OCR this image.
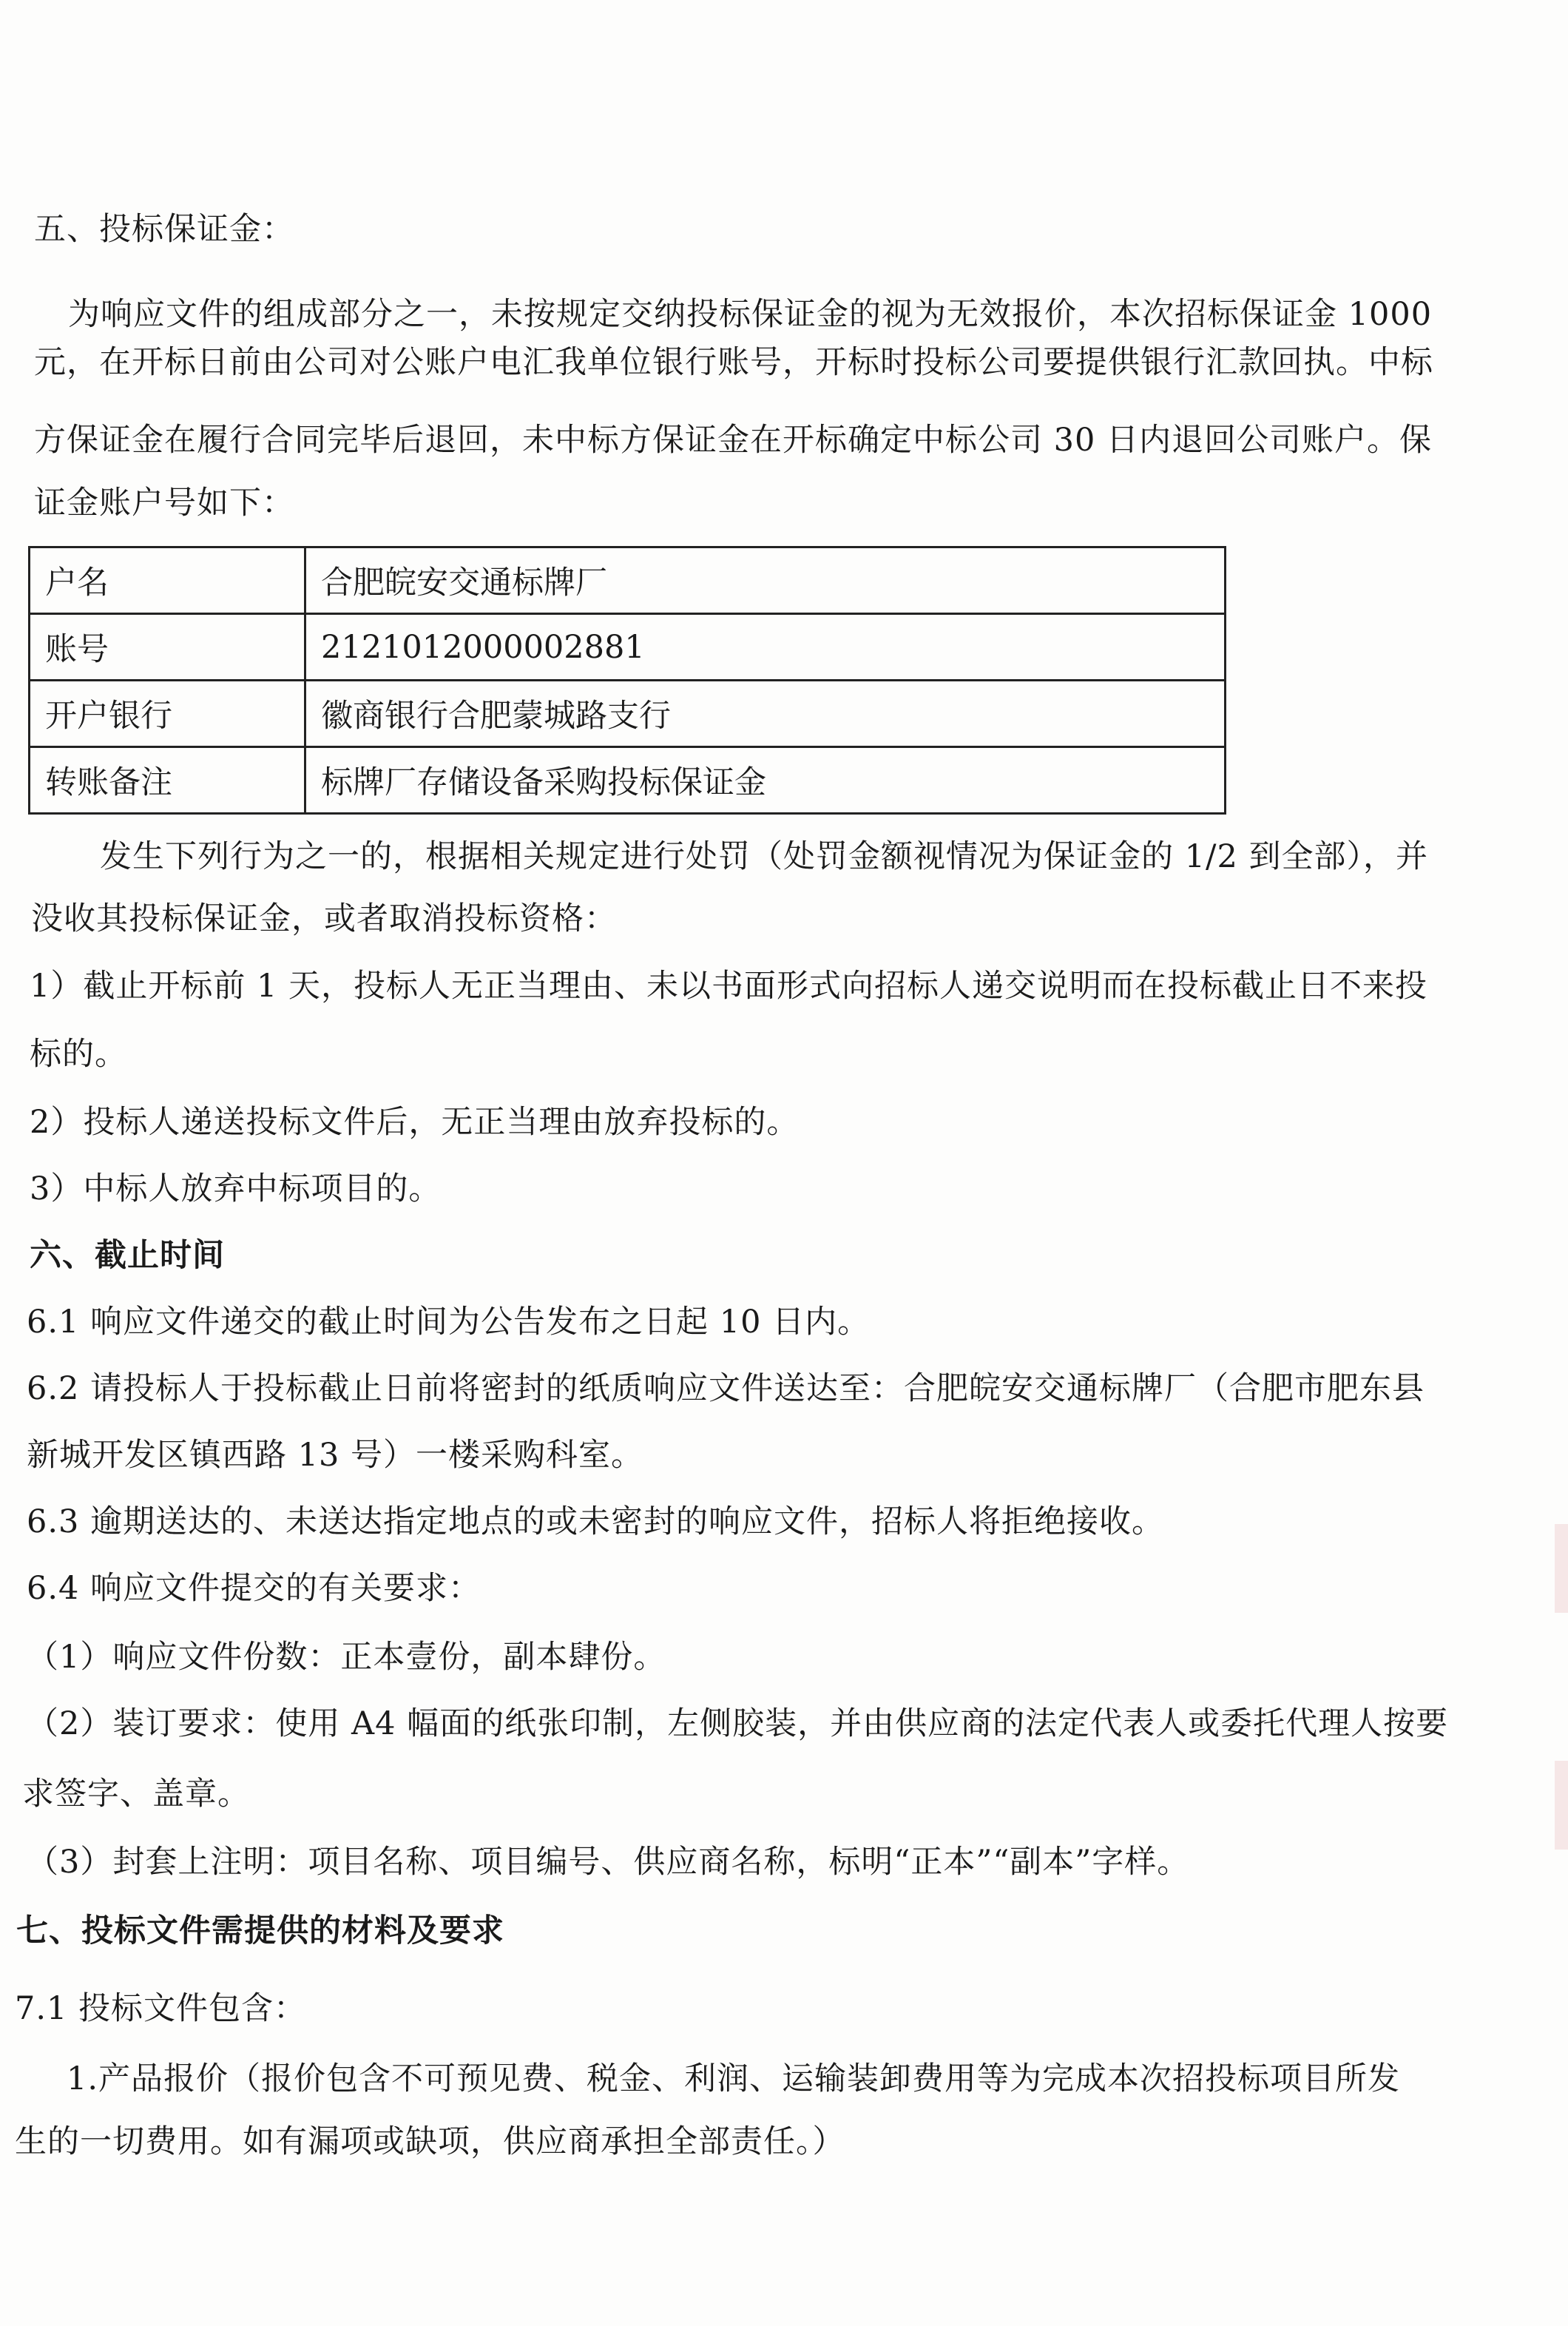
五、投标保证金：
为响应文件的组成部分之一，未按规定交纳投标保证金的视为无效报价，本次招标保证金 1000
元，在开标日前由公司对公账户电汇我单位银行账号，开标时投标公司要提供银行汇款回执。中标
方保证金在履行合同完毕后退回，未中标方保证金在开标确定中标公司 30 日内退回公司账户。保
证金账户号如下：
户名	合肥皖安交通标牌厂
账号	2121012000002881
开户银行	徽商银行合肥蒙城路支行
转账备注	标牌厂存储设备采购投标保证金
发生下列行为之一的，根据相关规定进行处罚（处罚金额视情况为保证金的 1/2 到全部），并
没收其投标保证金，或者取消投标资格：
1）截止开标前 1 天，投标人无正当理由、未以书面形式向招标人递交说明而在投标截止日不来投
标的。
2）投标人递送投标文件后，无正当理由放弃投标的。
3）中标人放弃中标项目的。
六、截止时间
6.1 响应文件递交的截止时间为公告发布之日起 10 日内。
6.2 请投标人于投标截止日前将密封的纸质响应文件送达至：合肥皖安交通标牌厂（合肥市肥东县
新城开发区镇西路 13 号）一楼采购科室。
6.3 逾期送达的、未送达指定地点的或未密封的响应文件，招标人将拒绝接收。
6.4 响应文件提交的有关要求：
（1）响应文件份数：正本壹份，副本肆份。
（2）装订要求：使用 A4 幅面的纸张印制，左侧胶装，并由供应商的法定代表人或委托代理人按要
求签字、盖章。
（3）封套上注明：项目名称、项目编号、供应商名称，标明“正本”“副本”字样。
七、投标文件需提供的材料及要求
7.1 投标文件包含：
1.产品报价（报价包含不可预见费、税金、利润、运输装卸费用等为完成本次招投标项目所发
生的一切费用。如有漏项或缺项，供应商承担全部责任。）
